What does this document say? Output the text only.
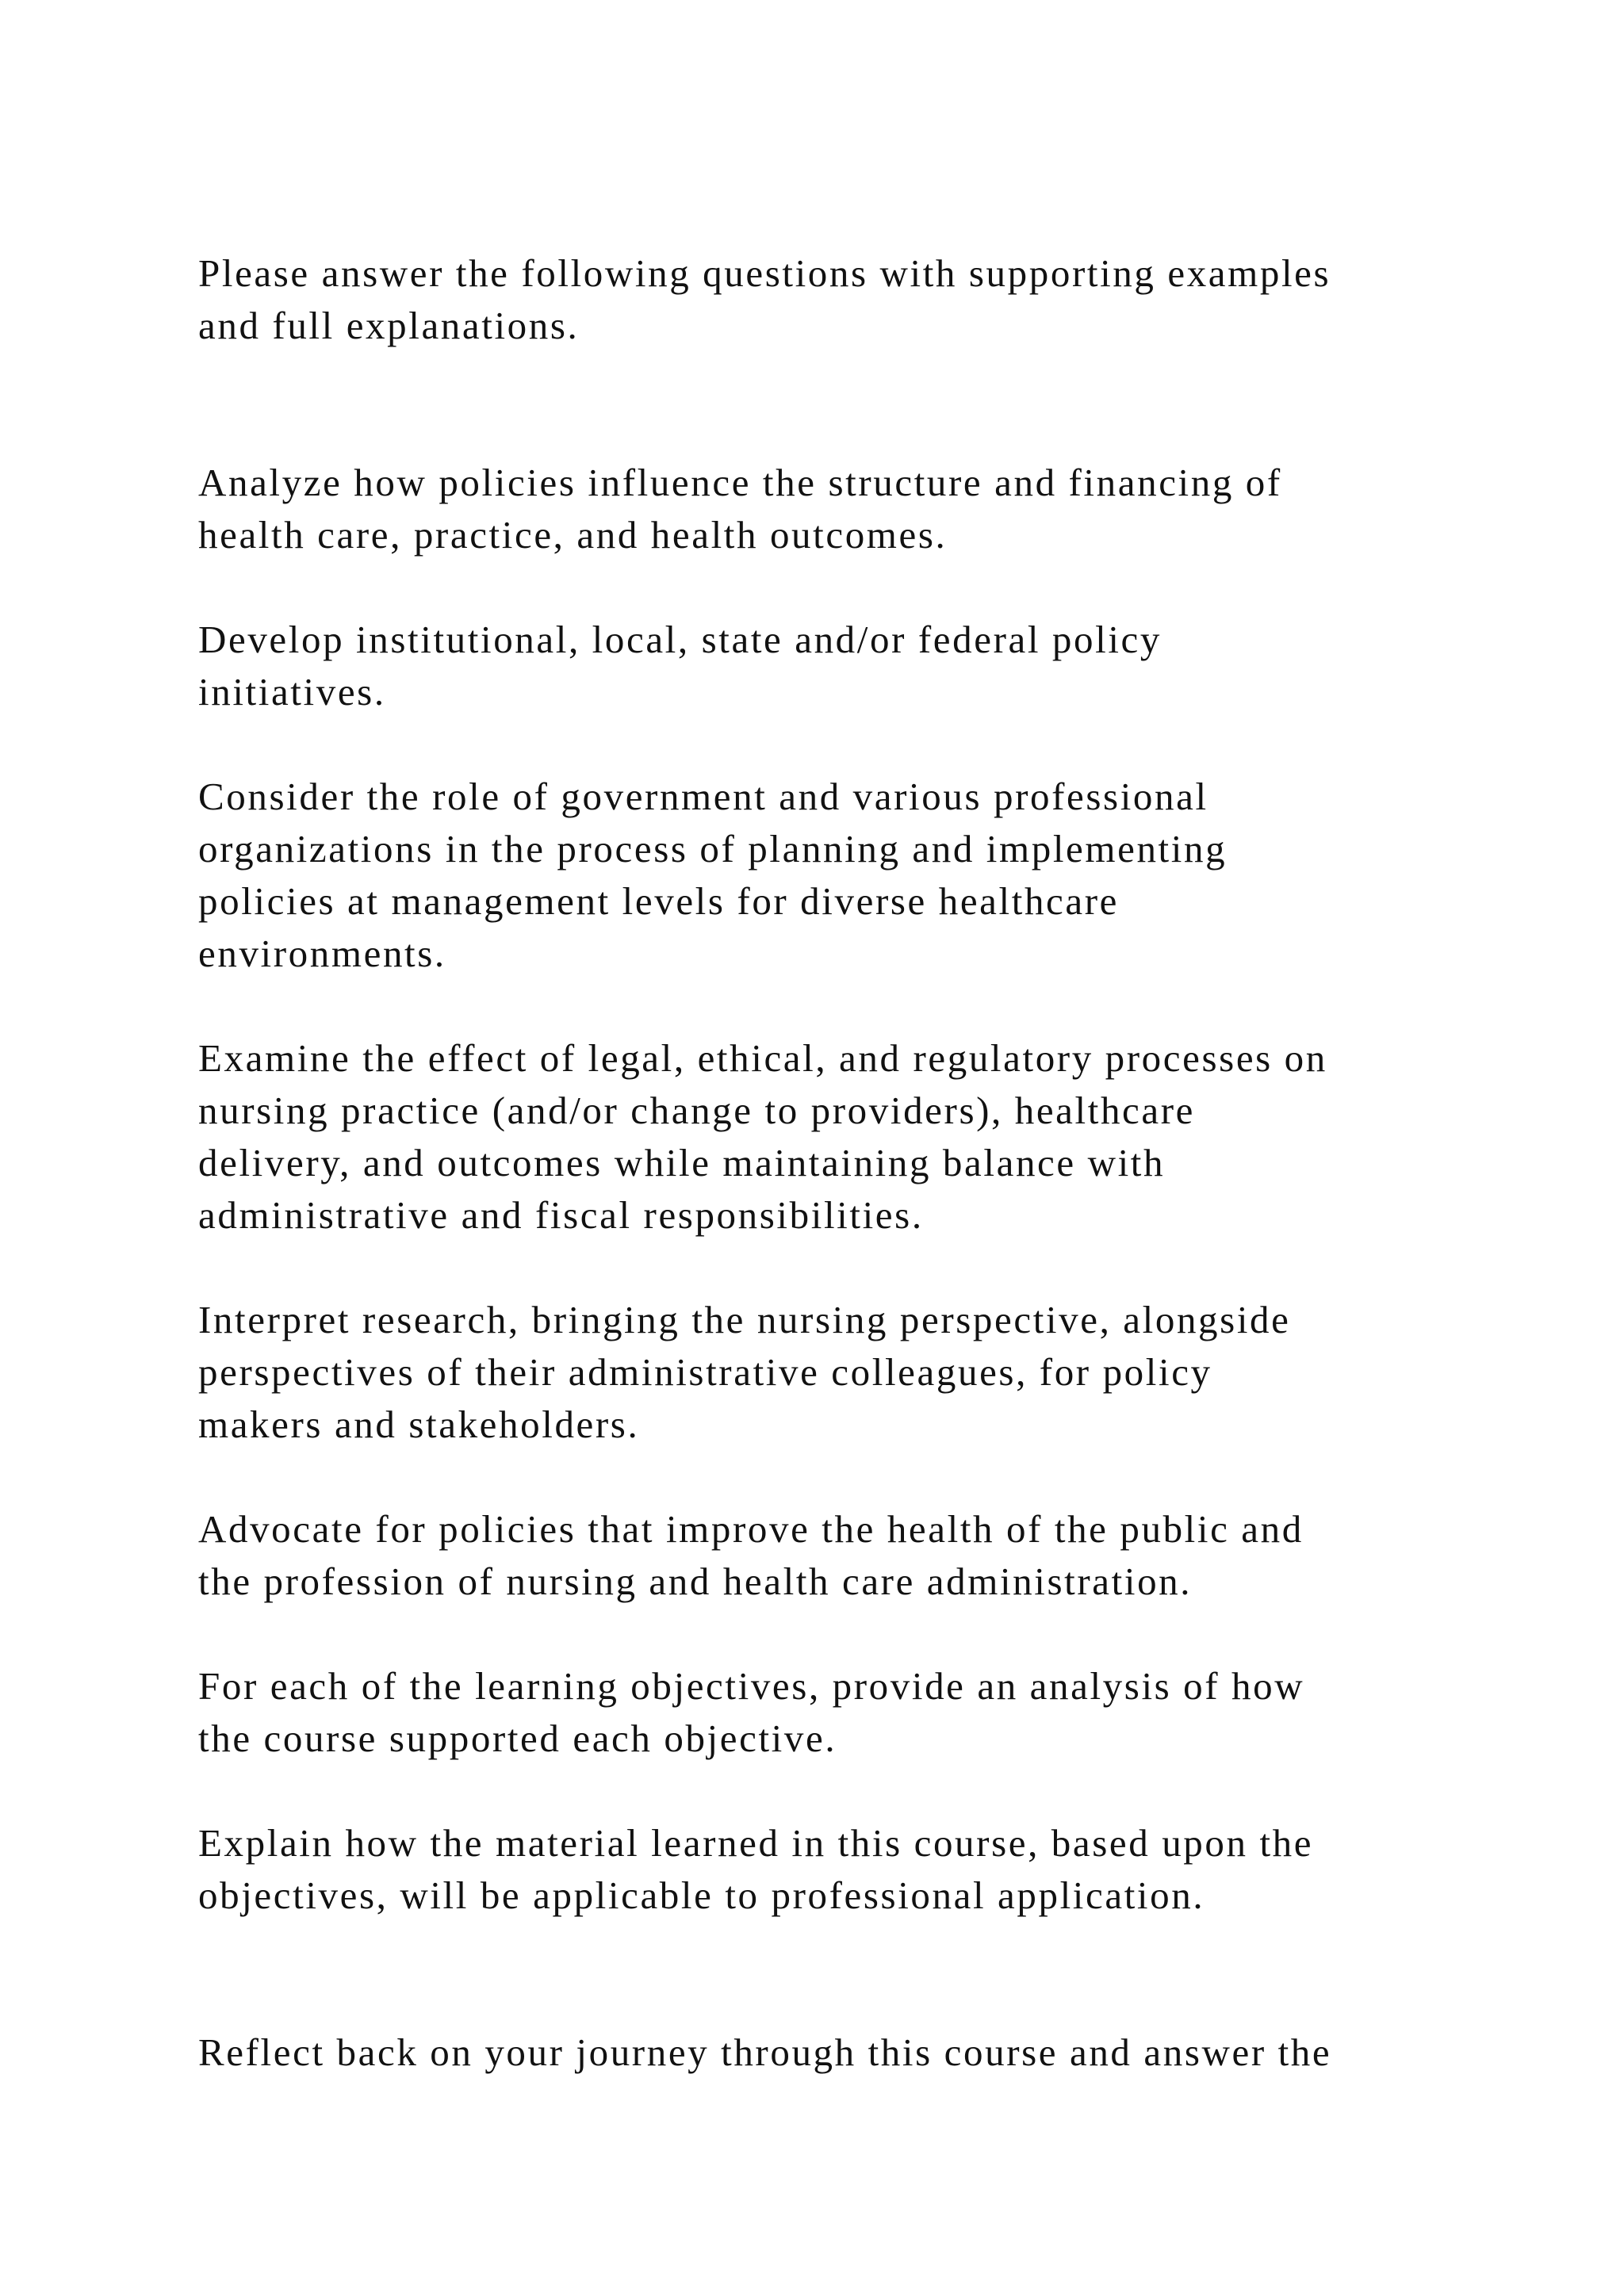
Please answer the following questions with supporting examples
and full explanations.

Analyze how policies influence the structure and financing of
health care, practice, and health outcomes.

Develop institutional, local, state and/or federal policy
initiatives.

Consider the role of government and various professional
organizations in the process of planning and implementing
policies at management levels for diverse healthcare
environments.

Examine the effect of legal, ethical, and regulatory processes on
nursing practice (and/or change to providers), healthcare
delivery, and outcomes while maintaining balance with
administrative and fiscal responsibilities.

Interpret research, bringing the nursing perspective, alongside
perspectives of their administrative colleagues, for policy
makers and stakeholders.

Advocate for policies that improve the health of the public and
the profession of nursing and health care administration.

For each of the learning objectives, provide an analysis of how
the course supported each objective.

Explain how the material learned in this course, based upon the
objectives, will be applicable to professional application.

Reflect back on your journey through this course and answer the
